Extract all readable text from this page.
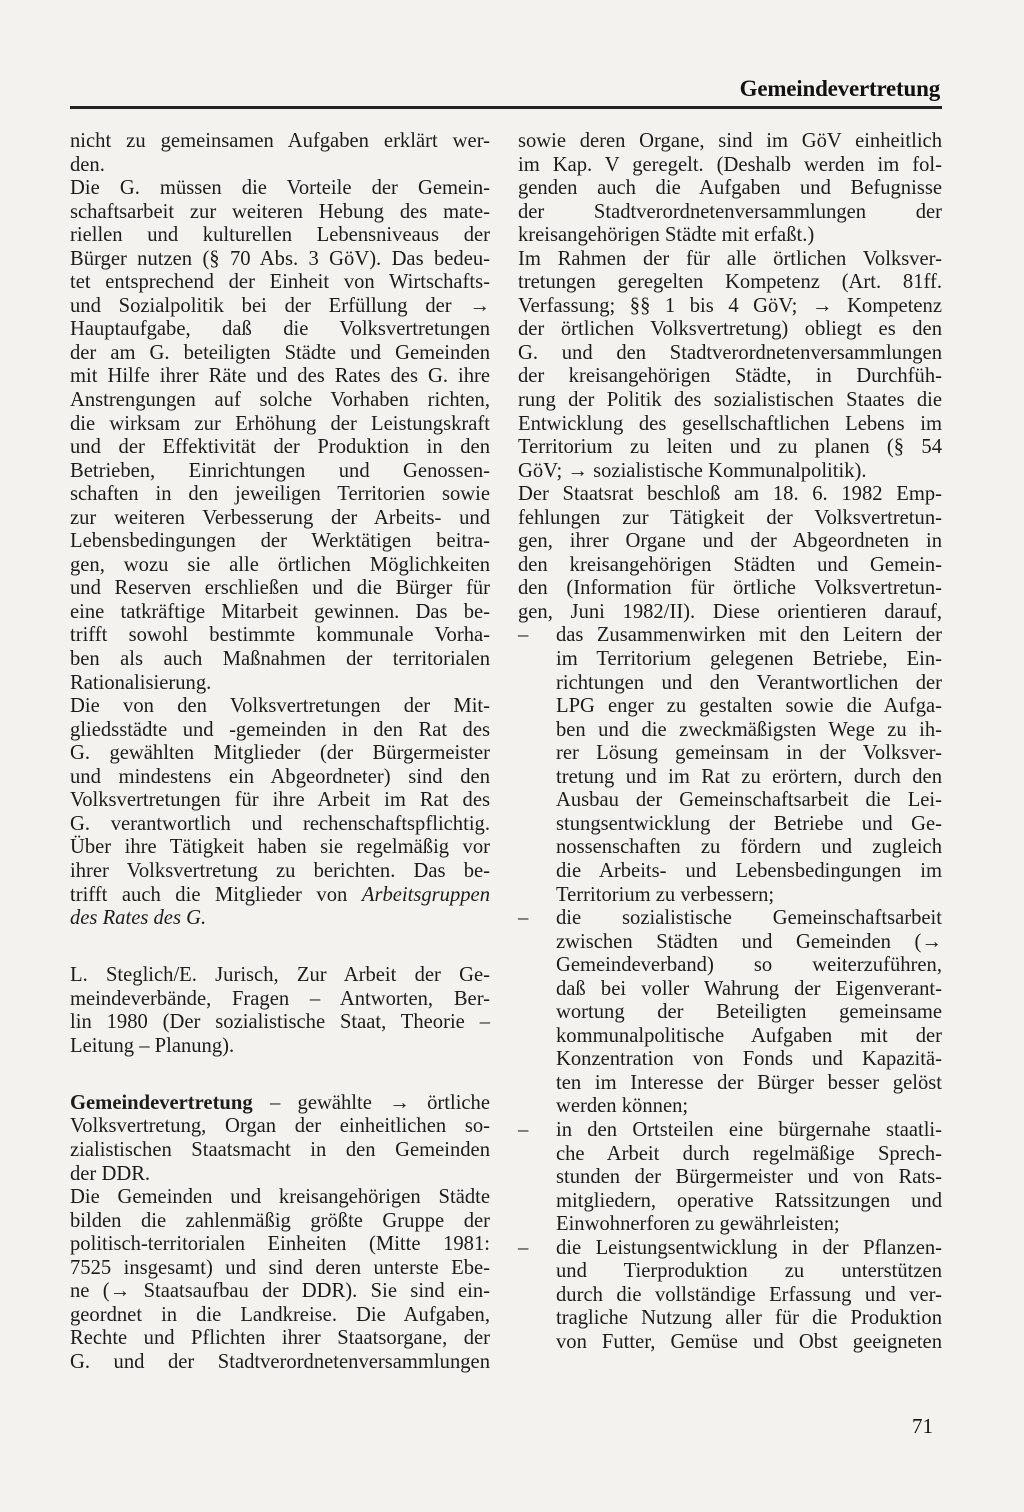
Gemeindevertretung
nicht zu gemeinsamen Aufgaben erklärt wer-
den.
Die G. müssen die Vorteile der Gemein-
schaftsarbeit zur weiteren Hebung des mate-
riellen und kulturellen Lebensniveaus der
Bürger nutzen (§ 70 Abs. 3 GöV). Das bedeu-
tet entsprechend der Einheit von Wirtschafts-
und Sozialpolitik bei der Erfüllung der →
Hauptaufgabe, daß die Volksvertretungen
der am G. beteiligten Städte und Gemeinden
mit Hilfe ihrer Räte und des Rates des G. ihre
Anstrengungen auf solche Vorhaben richten,
die wirksam zur Erhöhung der Leistungskraft
und der Effektivität der Produktion in den
Betrieben, Einrichtungen und Genossen-
schaften in den jeweiligen Territorien sowie
zur weiteren Verbesserung der Arbeits- und
Lebensbedingungen der Werktätigen beitra-
gen, wozu sie alle örtlichen Möglichkeiten
und Reserven erschließen und die Bürger für
eine tatkräftige Mitarbeit gewinnen. Das be-
trifft sowohl bestimmte kommunale Vorha-
ben als auch Maßnahmen der territorialen
Rationalisierung.
Die von den Volksvertretungen der Mit-
gliedsstädte und -gemeinden in den Rat des
G. gewählten Mitglieder (der Bürgermeister
und mindestens ein Abgeordneter) sind den
Volksvertretungen für ihre Arbeit im Rat des
G. verantwortlich und rechenschaftspflichtig.
Über ihre Tätigkeit haben sie regelmäßig vor
ihrer Volksvertretung zu berichten. Das be-
trifft auch die Mitglieder von Arbeitsgruppen
des Rates des G.
L. Steglich/E. Jurisch, Zur Arbeit der Ge-
meindeverbände, Fragen – Antworten, Ber-
lin 1980 (Der sozialistische Staat, Theorie –
Leitung – Planung).
Gemeindevertretung – gewählte → örtliche
Volksvertretung, Organ der einheitlichen so-
zialistischen Staatsmacht in den Gemeinden
der DDR.
Die Gemeinden und kreisangehörigen Städte
bilden die zahlenmäßig größte Gruppe der
politisch-territorialen Einheiten (Mitte 1981:
7525 insgesamt) und sind deren unterste Ebe-
ne (→ Staatsaufbau der DDR). Sie sind ein-
geordnet in die Landkreise. Die Aufgaben,
Rechte und Pflichten ihrer Staatsorgane, der
G. und der Stadtverordnetenversammlungen
sowie deren Organe, sind im GöV einheitlich
im Kap. V geregelt. (Deshalb werden im fol-
genden auch die Aufgaben und Befugnisse
der Stadtverordnetenversammlungen der
kreisangehörigen Städte mit erfaßt.)
Im Rahmen der für alle örtlichen Volksver-
tretungen geregelten Kompetenz (Art. 81ff.
Verfassung; §§ 1 bis 4 GöV; → Kompetenz
der örtlichen Volksvertretung) obliegt es den
G. und den Stadtverordnetenversammlungen
der kreisangehörigen Städte, in Durchfüh-
rung der Politik des sozialistischen Staates die
Entwicklung des gesellschaftlichen Lebens im
Territorium zu leiten und zu planen (§ 54
GöV; → sozialistische Kommunalpolitik).
Der Staatsrat beschloß am 18. 6. 1982 Emp-
fehlungen zur Tätigkeit der Volksvertretun-
gen, ihrer Organe und der Abgeordneten in
den kreisangehörigen Städten und Gemein-
den (Information für örtliche Volksvertretun-
gen, Juni 1982/II). Diese orientieren darauf,
–	das Zusammenwirken mit den Leitern der
im Territorium gelegenen Betriebe, Ein-
richtungen und den Verantwortlichen der
LPG enger zu gestalten sowie die Aufga-
ben und die zweckmäßigsten Wege zu ih-
rer Lösung gemeinsam in der Volksver-
tretung und im Rat zu erörtern, durch den
Ausbau der Gemeinschaftsarbeit die Lei-
stungsentwicklung der Betriebe und Ge-
nossenschaften zu fördern und zugleich
die Arbeits- und Lebensbedingungen im
Territorium zu verbessern;
–	die sozialistische Gemeinschaftsarbeit
zwischen Städten und Gemeinden (→
Gemeindeverband) so weiterzuführen,
daß bei voller Wahrung der Eigenverant-
wortung der Beteiligten gemeinsame
kommunalpolitische Aufgaben mit der
Konzentration von Fonds und Kapazitä-
ten im Interesse der Bürger besser gelöst
werden können;
–	in den Ortsteilen eine bürgernahe staatli-
che Arbeit durch regelmäßige Sprech-
stunden der Bürgermeister und von Rats-
mitgliedern, operative Ratssitzungen und
Einwohnerforen zu gewährleisten;
–	die Leistungsentwicklung in der Pflanzen-
und Tierproduktion zu unterstützen
durch die vollständige Erfassung und ver-
tragliche Nutzung aller für die Produktion
von Futter, Gemüse und Obst geeigneten
71
